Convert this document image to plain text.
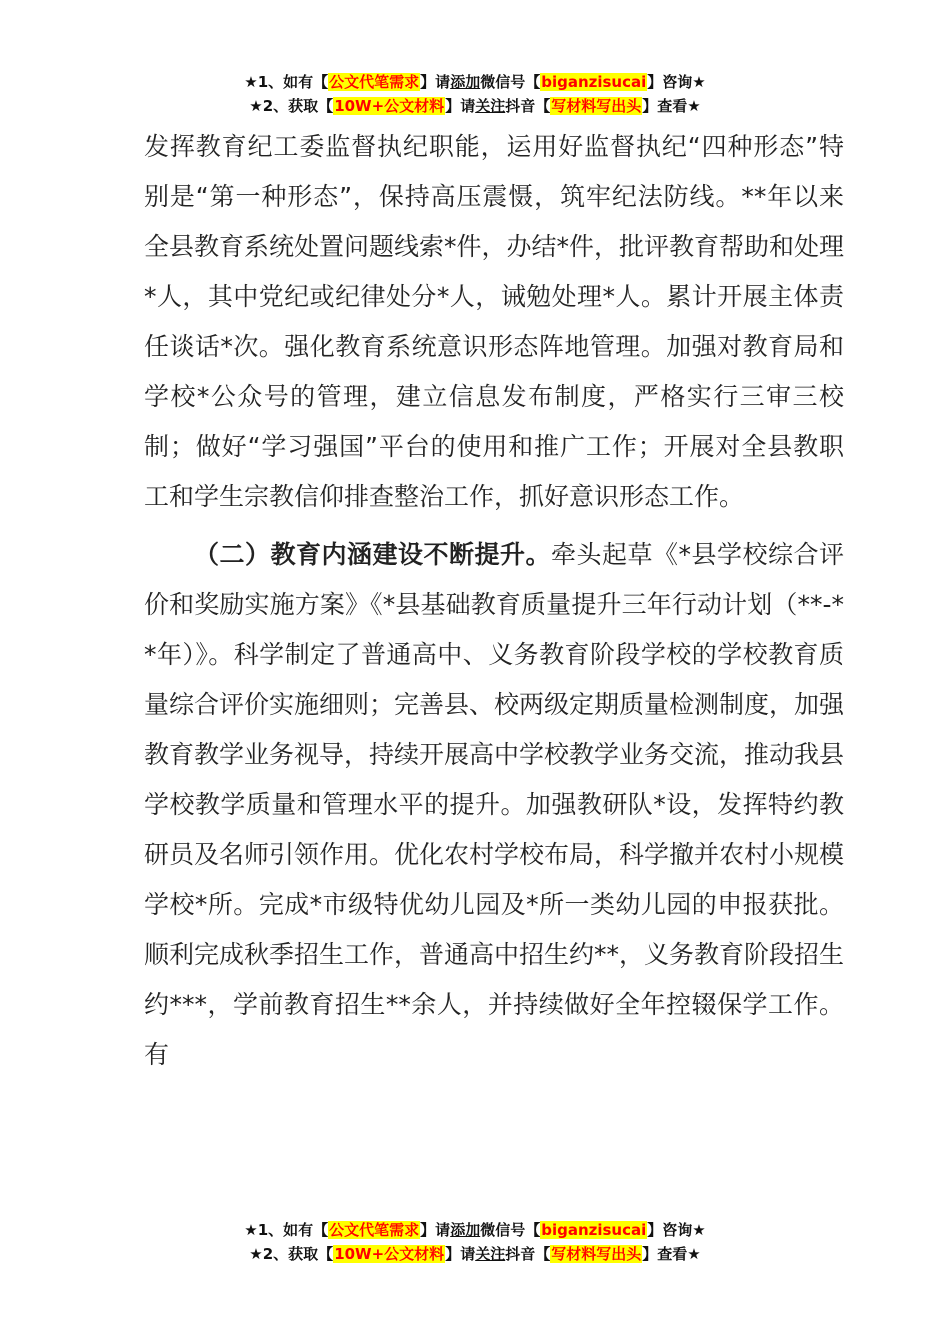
★1、如有【公文代笔需求】请添加微信号【biganzisucai】咨询★
★2、获取【10W+公文材料】请关注抖音【写材料写出头】查看★

发挥教育纪工委监督执纪职能，运用好监督执纪“四种形态”特别是“第一种形态”，保持高压震慑，筑牢纪法防线。**年以来全县教育系统处置问题线索*件，办结*件，批评教育帮助和处理*人，其中党纪或纪律处分*人，诫勉处理*人。累计开展主体责任谈话*次。强化教育系统意识形态阵地管理。加强对教育局和学校*公众号的管理，建立信息发布制度，严格实行三审三校制；做好“学习强国”平台的使用和推广工作；开展对全县教职工和学生宗教信仰排查整治工作，抓好意识形态工作。

（二）教育内涵建设不断提升。牵头起草《*县学校综合评价和奖励实施方案》《*县基础教育质量提升三年行动计划（**-**年）》。科学制定了普通高中、义务教育阶段学校的学校教育质量综合评价实施细则；完善县、校两级定期质量检测制度，加强教育教学业务视导，持续开展高中学校教学业务交流，推动我县学校教学质量和管理水平的提升。加强教研队*设，发挥特约教研员及名师引领作用。优化农村学校布局，科学撤并农村小规模学校*所。完成*市级特优幼儿园及*所一类幼儿园的申报获批。顺利完成秋季招生工作，普通高中招生约**，义务教育阶段招生约***，学前教育招生**余人，并持续做好全年控辍保学工作。有

★1、如有【公文代笔需求】请添加微信号【biganzisucai】咨询★
★2、获取【10W+公文材料】请关注抖音【写材料写出头】查看★
